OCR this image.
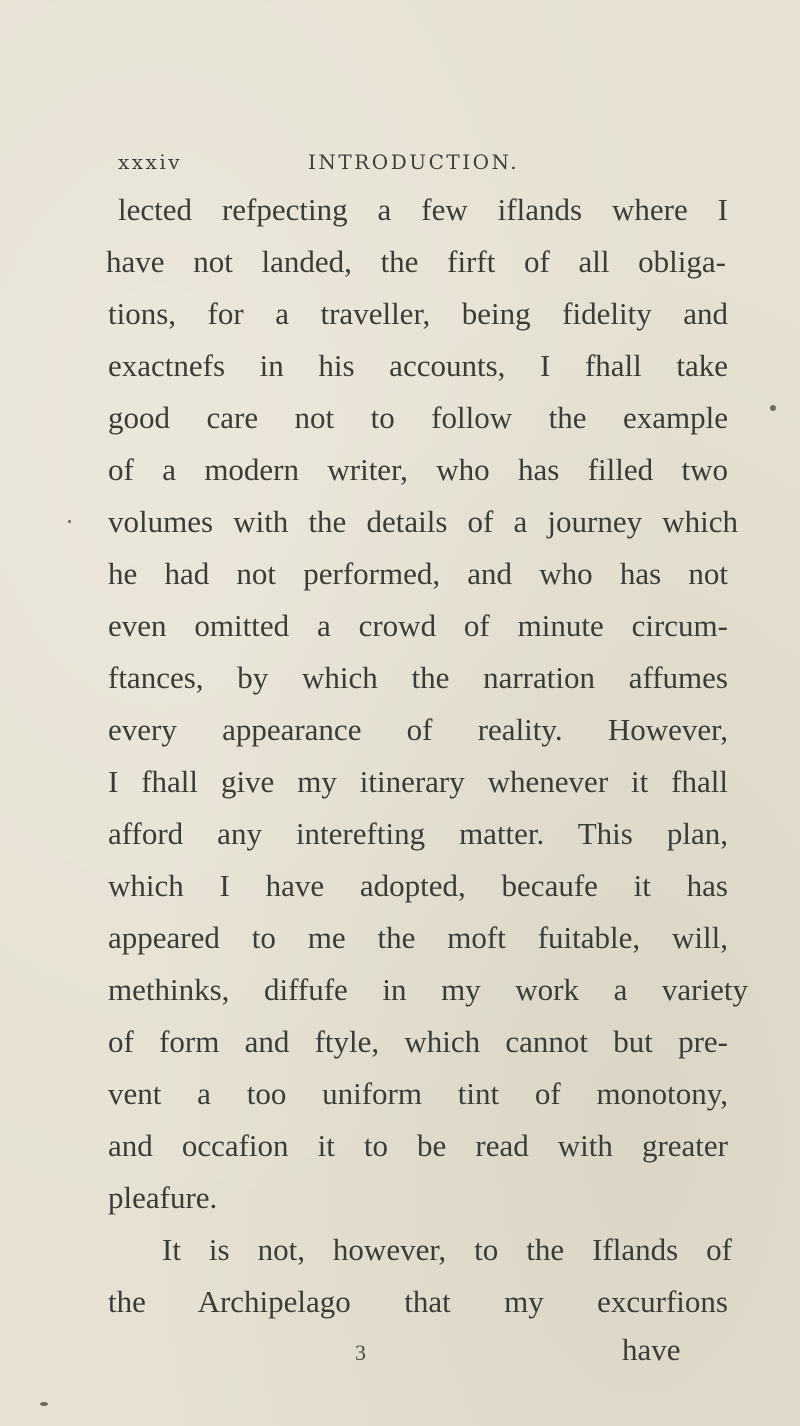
xxxiv	INTRODUCTION.
lected refpecting a few iflands where I
have not landed, the firft of all obliga-
tions, for a traveller, being fidelity and
exactnefs in his accounts, I fhall take
good care not to follow the example
of a modern writer, who has filled two
volumes with the details of a journey which
he had not performed, and who has not
even omitted a crowd of minute circum-
ftances, by which the narration affumes
every appearance of reality. However,
I fhall give my itinerary whenever it fhall
afford any interefting matter. This plan,
which I have adopted, becaufe it has
appeared to me the moft fuitable, will,
methinks, diffufe in my work a variety
of form and ftyle, which cannot but pre-
vent a too uniform tint of monotony,
and occafion it to be read with greater
pleafure.
It is not, however, to the Iflands of
the Archipelago that my excurfions
3	have
